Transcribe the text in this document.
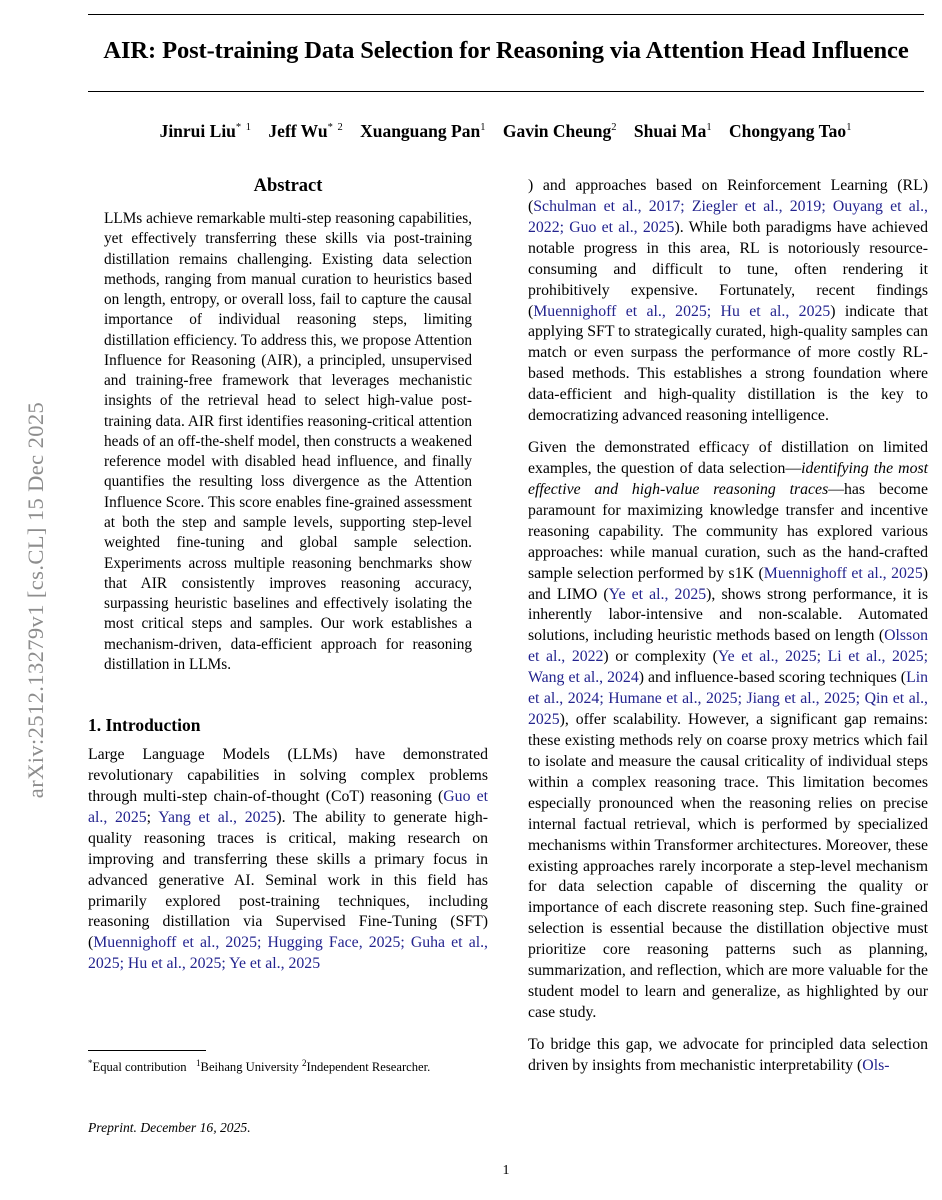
arXiv:2512.13279v1 [cs.CL] 15 Dec 2025
AIR: Post-training Data Selection for Reasoning via Attention Head Influence
Jinrui Liu$^{* 1}$ Jeff Wu$^{* 2}$ Xuanguang Pan$^1$ Gavin Cheung$^2$ Shuai Ma$^1$ Chongyang Tao$^1$
Abstract
LLMs achieve remarkable multi-step reasoning capabilities, yet effectively transferring these skills via post-training distillation remains challenging. Existing data selection methods, ranging from manual curation to heuristics based on length, entropy, or overall loss, fail to capture the causal importance of individual reasoning steps, limiting distillation efficiency. To address this, we propose Attention Influence for Reasoning (AIR), a principled, unsupervised and training-free framework that leverages mechanistic insights of the retrieval head to select high-value post-training data. AIR first identifies reasoning-critical attention heads of an off-the-shelf model, then constructs a weakened reference model with disabled head influence, and finally quantifies the resulting loss divergence as the Attention Influence Score. This score enables fine-grained assessment at both the step and sample levels, supporting step-level weighted fine-tuning and global sample selection. Experiments across multiple reasoning benchmarks show that AIR consistently improves reasoning accuracy, surpassing heuristic baselines and effectively isolating the most critical steps and samples. Our work establishes a mechanism-driven, data-efficient approach for reasoning distillation in LLMs.
1. Introduction

Large Language Models (LLMs) have demonstrated revolutionary capabilities in solving complex problems through multi-step chain-of-thought (CoT) reasoning (Guo et al., 2025; Yang et al., 2025). The ability to generate high-quality reasoning traces is critical, making research on improving and transferring these skills a primary focus in advanced generative AI. Seminal work in this field has primarily explored post-training techniques, including reasoning distillation via Supervised Fine-Tuning (SFT) (Muennighoff et al., 2025; Hugging Face, 2025; Guha et al., 2025; Hu et al., 2025; Ye et al., 2025

) and approaches based on Reinforcement Learning (RL) (Schulman et al., 2017; Ziegler et al., 2019; Ouyang et al., 2022; Guo et al., 2025). While both paradigms have achieved notable progress in this area, RL is notoriously resource-consuming and difficult to tune, often rendering it prohibitively expensive. Fortunately, recent findings (Muennighoff et al., 2025; Hu et al., 2025) indicate that applying SFT to strategically curated, high-quality samples can match or even surpass the performance of more costly RL-based methods. This establishes a strong foundation where data-efficient and high-quality distillation is the key to democratizing advanced reasoning intelligence.

Given the demonstrated efficacy of distillation on limited examples, the question of data selection—identifying the most effective and high-value reasoning traces—has become paramount for maximizing knowledge transfer and incentive reasoning capability. The community has explored various approaches: while manual curation, such as the hand-crafted sample selection performed by s1K (Muennighoff et al., 2025) and LIMO (Ye et al., 2025), shows strong performance, it is inherently labor-intensive and non-scalable. Automated solutions, including heuristic methods based on length (Olsson et al., 2022) or complexity (Ye et al., 2025; Li et al., 2025; Wang et al., 2024) and influence-based scoring techniques (Lin et al., 2024; Humane et al., 2025; Jiang et al., 2025; Qin et al., 2025), offer scalability. However, a significant gap remains: these existing methods rely on coarse proxy metrics which fail to isolate and measure the causal criticality of individual steps within a complex reasoning trace. This limitation becomes especially pronounced when the reasoning relies on precise internal factual retrieval, which is performed by specialized mechanisms within Transformer architectures. Moreover, these existing approaches rarely incorporate a step-level mechanism for data selection capable of discerning the quality or importance of each discrete reasoning step. Such fine-grained selection is essential because the distillation objective must prioritize core reasoning patterns such as planning, summarization, and reflection, which are more valuable for the student model to learn and generalize, as highlighted by our case study.

To bridge this gap, we advocate for principled data selection driven by insights from mechanistic interpretability (Ols-

*Equal contribution $^1$Beihang University $^2$Independent Researcher.
Preprint. December 16, 2025.
1
